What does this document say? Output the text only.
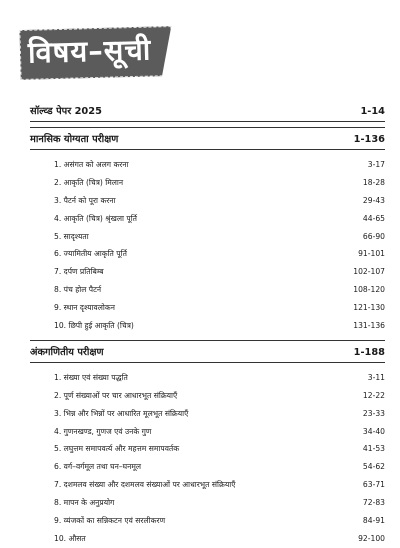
विषय–सूची
सॉल्व्ड पेपर 2025	1-14
मानसिक योग्यता परीक्षण	1-136
1. असंगत को अलग करना	3-17
2. आकृति (चित्र) मिलान	18-28
3. पैटर्न को पूरा करना	29-43
4. आकृति (चित्र) श्रृंखला पूर्ति	44-65
5. सादृश्यता	66-90
6. ज्यामितीय आकृति पूर्ति	91-101
7. दर्पण प्रतिबिम्ब	102-107
8. पंच होल पैटर्न	108-120
9. स्थान दृश्यावलोकन	121-130
10. छिपी हुई आकृति (चित्र)	131-136
अंकगणितीय परीक्षण	1-188
1. संख्या एवं संख्या पद्धति	3-11
2. पूर्ण संख्याओं पर चार आधारभूत संक्रियाएँ	12-22
3. भिन्न और भिन्नों पर आधारित मूलभूत संक्रियाएँ	23-33
4. गुणनखण्ड, गुणज एवं उनके गुण	34-40
5. लघुत्तम समापवर्त्य और महत्तम समापवर्तक	41-53
6. वर्ग–वर्गमूल तथा घन–घनमूल	54-62
7. दशमलव संख्या और दशमलव संख्याओं पर आधारभूत संक्रियाएँ	63-71
8. मापन के अनुप्रयोग	72-83
9. व्यंजकों का सन्निकटन एवं सरलीकरण	84-91
10. औसत	92-100
